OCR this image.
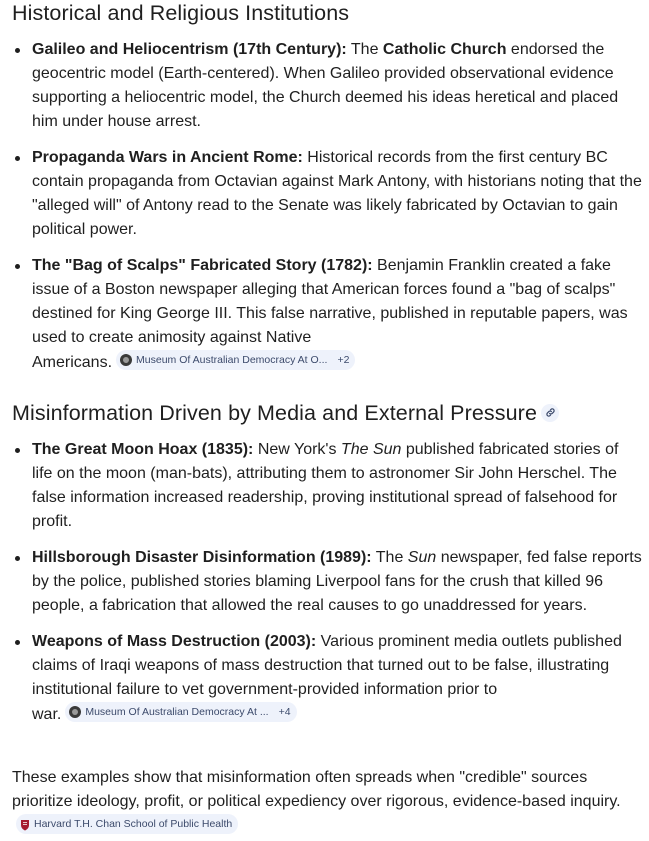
Historical and Religious Institutions
Galileo and Heliocentrism (17th Century): The Catholic Church endorsed the geocentric model (Earth-centered). When Galileo provided observational evidence supporting a heliocentric model, the Church deemed his ideas heretical and placed him under house arrest.
Propaganda Wars in Ancient Rome: Historical records from the first century BC contain propaganda from Octavian against Mark Antony, with historians noting that the "alleged will" of Antony read to the Senate was likely fabricated by Octavian to gain political power.
The "Bag of Scalps" Fabricated Story (1782): Benjamin Franklin created a fake issue of a Boston newspaper alleging that American forces found a "bag of scalps" destined for King George III. This false narrative, published in reputable papers, was used to create animosity against Native
Americans. Museum Of Australian Democracy At O... +2
Misinformation Driven by Media and External Pressure
The Great Moon Hoax (1835): New York's The Sun published fabricated stories of life on the moon (man-bats), attributing them to astronomer Sir John Herschel. The false information increased readership, proving institutional spread of falsehood for profit.
Hillsborough Disaster Disinformation (1989): The Sun newspaper, fed false reports by the police, published stories blaming Liverpool fans for the crush that killed 96 people, a fabrication that allowed the real causes to go unaddressed for years.
Weapons of Mass Destruction (2003): Various prominent media outlets published claims of Iraqi weapons of mass destruction that turned out to be false, illustrating institutional failure to vet government-provided information prior to
war. Museum Of Australian Democracy At ... +4

These examples show that misinformation often spreads when "credible" sources prioritize ideology, profit, or political expediency over rigorous, evidence-based inquiry.
Harvard T.H. Chan School of Public Health
